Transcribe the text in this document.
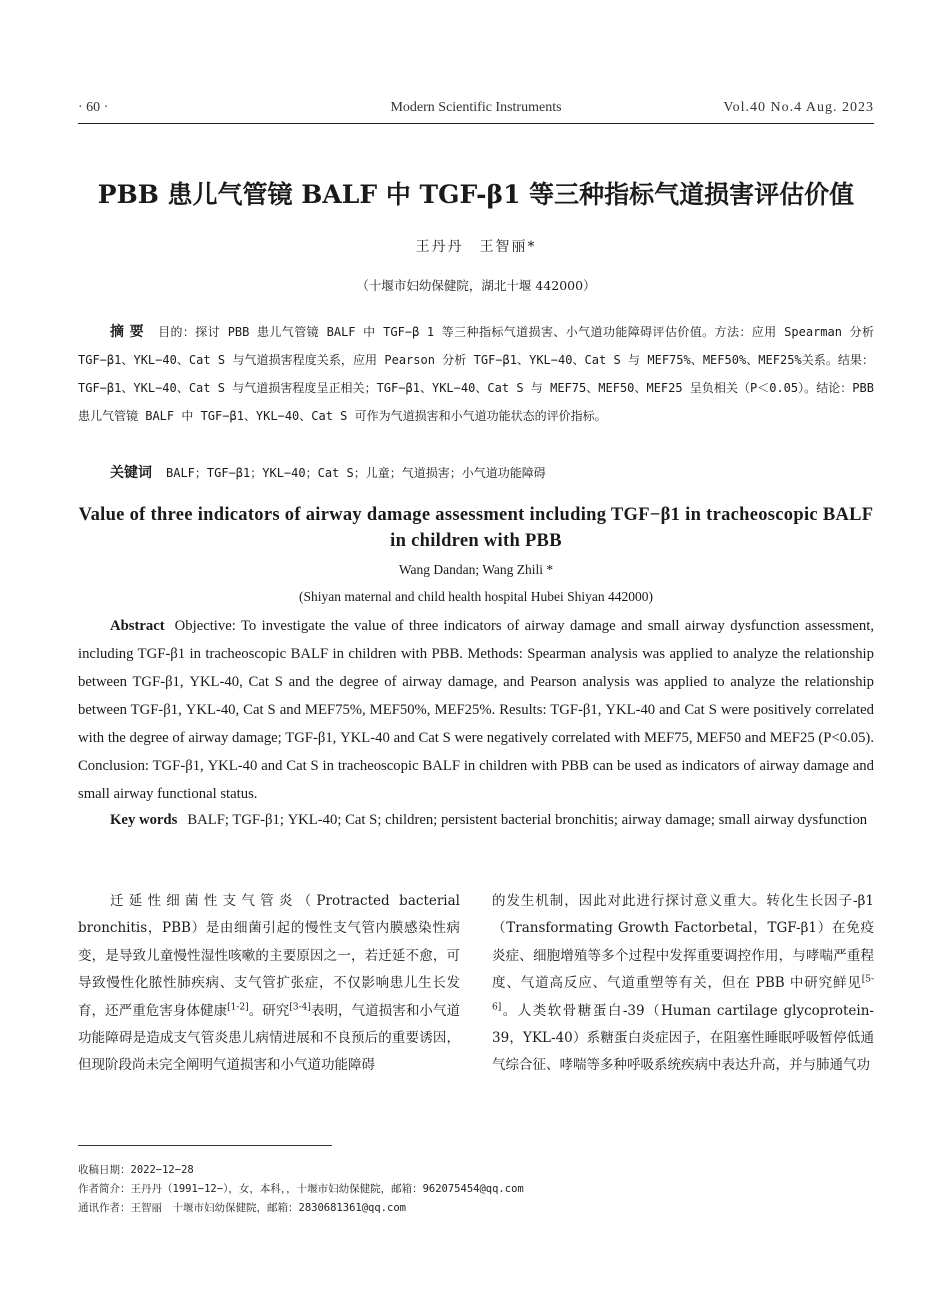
· 60 ·	Modern Scientific Instruments	Vol.40 No.4 Aug. 2023
PBB 患儿气管镜 BALF 中 TGF-β1 等三种指标气道损害评估价值
王丹丹　王智丽*
（十堰市妇幼保健院，湖北十堰 442000）
摘 要 目的：探讨 PBB 患儿气管镜 BALF 中 TGF−β 1 等三种指标气道损害、小气道功能障碍评估价值。方法：应用 Spearman 分析 TGF−β1、YKL−40、Cat S 与气道损害程度关系，应用 Pearson 分析 TGF−β1、YKL−40、Cat S 与 MEF75%、MEF50%、MEF25%关系。结果：TGF−β1、YKL−40、Cat S 与气道损害程度呈正相关；TGF−β1、YKL−40、Cat S 与 MEF75、MEF50、MEF25 呈负相关（P＜0.05）。结论：PBB 患儿气管镜 BALF 中 TGF−β1、YKL−40、Cat S 可作为气道损害和小气道功能状态的评价指标。
关键词 BALF；TGF−β1；YKL−40；Cat S；儿童；气道损害；小气道功能障碍
Value of three indicators of airway damage assessment including TGF−β1 in tracheoscopic BALF in children with PBB
Wang Dandan; Wang Zhili *
(Shiyan maternal and child health hospital Hubei Shiyan 442000)
Abstract Objective: To investigate the value of three indicators of airway damage and small airway dysfunction assessment, including TGF-β1 in tracheoscopic BALF in children with PBB. Methods: Spearman analysis was applied to analyze the relationship between TGF-β1, YKL-40, Cat S and the degree of airway damage, and Pearson analysis was applied to analyze the relationship between TGF-β1, YKL-40, Cat S and MEF75%, MEF50%, MEF25%. Results: TGF-β1, YKL-40 and Cat S were positively correlated with the degree of airway damage; TGF-β1, YKL-40 and Cat S were negatively correlated with MEF75, MEF50 and MEF25 (P<0.05). Conclusion: TGF-β1, YKL-40 and Cat S in tracheoscopic BALF in children with PBB can be used as indicators of airway damage and small airway functional status.
Key words BALF; TGF-β1; YKL-40; Cat S; children; persistent bacterial bronchitis; airway damage; small airway dysfunction
迁延性细菌性支气管炎（Protracted bacterial bronchitis，PBB）是由细菌引起的慢性支气管内膜感染性病变，是导致儿童慢性湿性咳嗽的主要原因之一，若迁延不愈，可导致慢性化脓性肺疾病、支气管扩张症，不仅影响患儿生长发育，还严重危害身体健康[1-2]。研究[3-4]表明，气道损害和小气道功能障碍是造成支气管炎患儿病情进展和不良预后的重要诱因，但现阶段尚未完全阐明气道损害和小气道功能障碍
的发生机制，因此对此进行探讨意义重大。转化生长因子-β1（Transformating Growth Factorbetal，TGF-β1）在免疫炎症、细胞增殖等多个过程中发挥重要调控作用，与哮喘严重程度、气道高反应、气道重塑等有关，但在 PBB 中研究鲜见[5-6]。人类软骨糖蛋白-39（Human cartilage glycoprotein-39，YKL-40）系糖蛋白炎症因子，在阻塞性睡眠呼吸暂停低通气综合征、哮喘等多种呼吸系统疾病中表达升高，并与肺通气功
收稿日期：2022−12−28
作者简介：王丹丹（1991−12−），女，本科，，十堰市妇幼保健院，邮箱：962075454@qq.com
通讯作者：王智丽　十堰市妇幼保健院，邮箱：2830681361@qq.com
